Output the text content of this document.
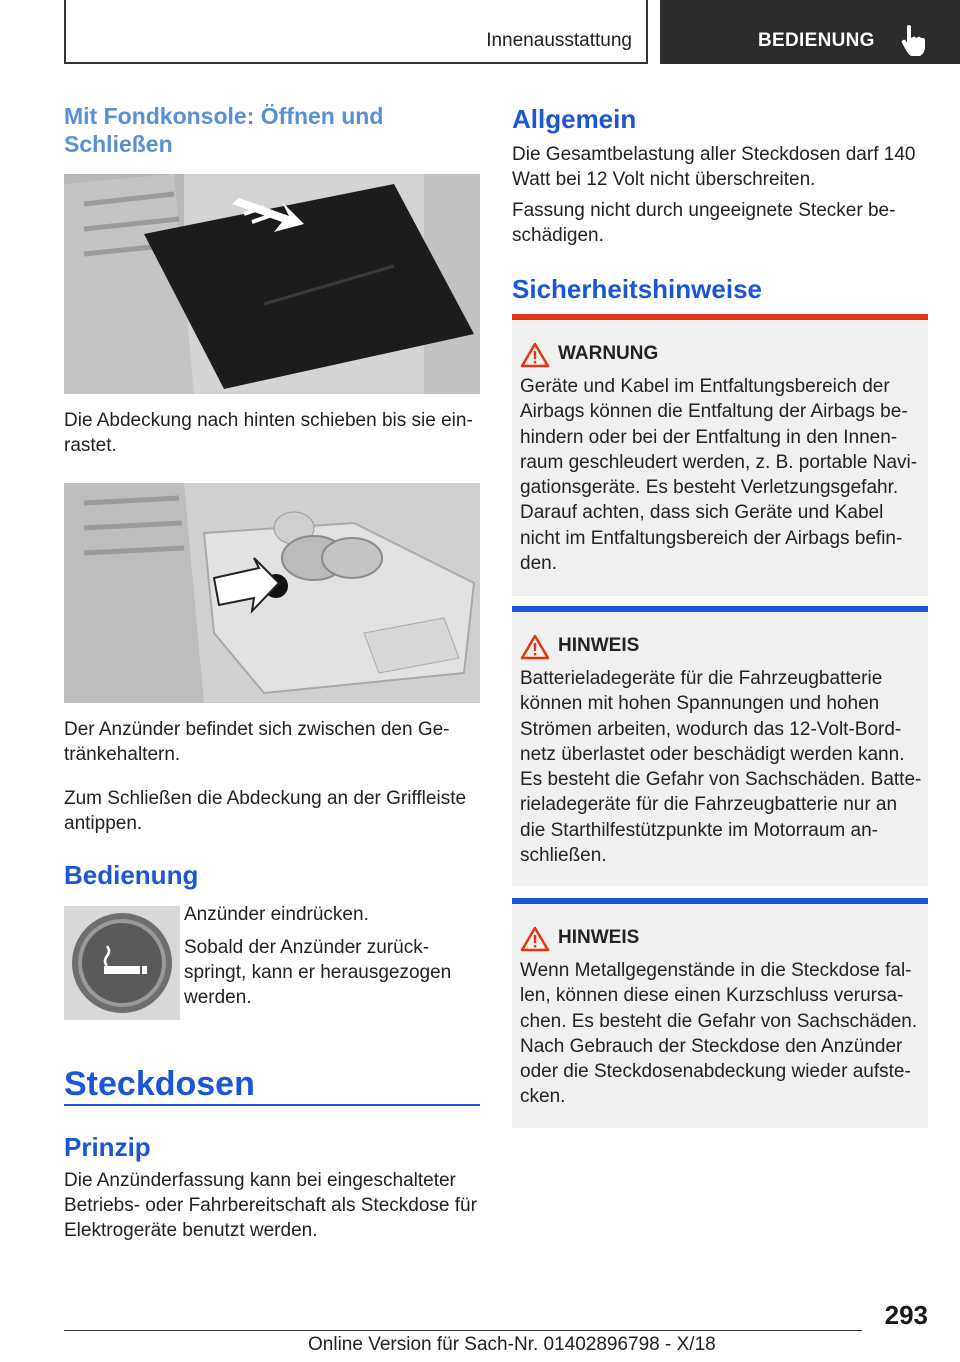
Innenausstattung	BEDIENUNG
Mit Fondkonsole: Öffnen und Schließen

Die Abdeckung nach hinten schieben bis sie ein-rastet.

Der Anzünder befindet sich zwischen den Ge-tränkehaltern.

Zum Schließen die Abdeckung an der Griffleiste antippen.

Bedienung

Anzünder eindrücken.

Sobald der Anzünder zurück-springt, kann er herausgezogen werden.

Steckdosen
Prinzip

Die Anzünderfassung kann bei eingeschalteter Betriebs- oder Fahrbereitschaft als Steckdose für Elektrogeräte benutzt werden.

Allgemein

Die Gesamtbelastung aller Steckdosen darf 140 Watt bei 12 Volt nicht überschreiten.

Fassung nicht durch ungeeignete Stecker be-schädigen.

Sicherheitshinweise
WARNUNG

Geräte und Kabel im Entfaltungsbereich der Airbags können die Entfaltung der Airbags be-hindern oder bei der Entfaltung in den Innen-raum geschleudert werden, z. B. portable Navi-gationsgeräte. Es besteht Verletzungsgefahr. Darauf achten, dass sich Geräte und Kabel nicht im Entfaltungsbereich der Airbags befin-den.

HINWEIS

Batterieladegeräte für die Fahrzeugbatterie können mit hohen Spannungen und hohen Strömen arbeiten, wodurch das 12-Volt-Bord-netz überlastet oder beschädigt werden kann. Es besteht die Gefahr von Sachschäden. Batte-rieladegeräte für die Fahrzeugbatterie nur an die Starthilfestützpunkte im Motorraum an-schließen.

HINWEIS

Wenn Metallgegenstände in die Steckdose fal-len, können diese einen Kurzschluss verursa-chen. Es besteht die Gefahr von Sachschäden. Nach Gebrauch der Steckdose den Anzünder oder die Steckdosenabdeckung wieder aufste-cken.

293
Online Version für Sach-Nr. 01402896798 - X/18
